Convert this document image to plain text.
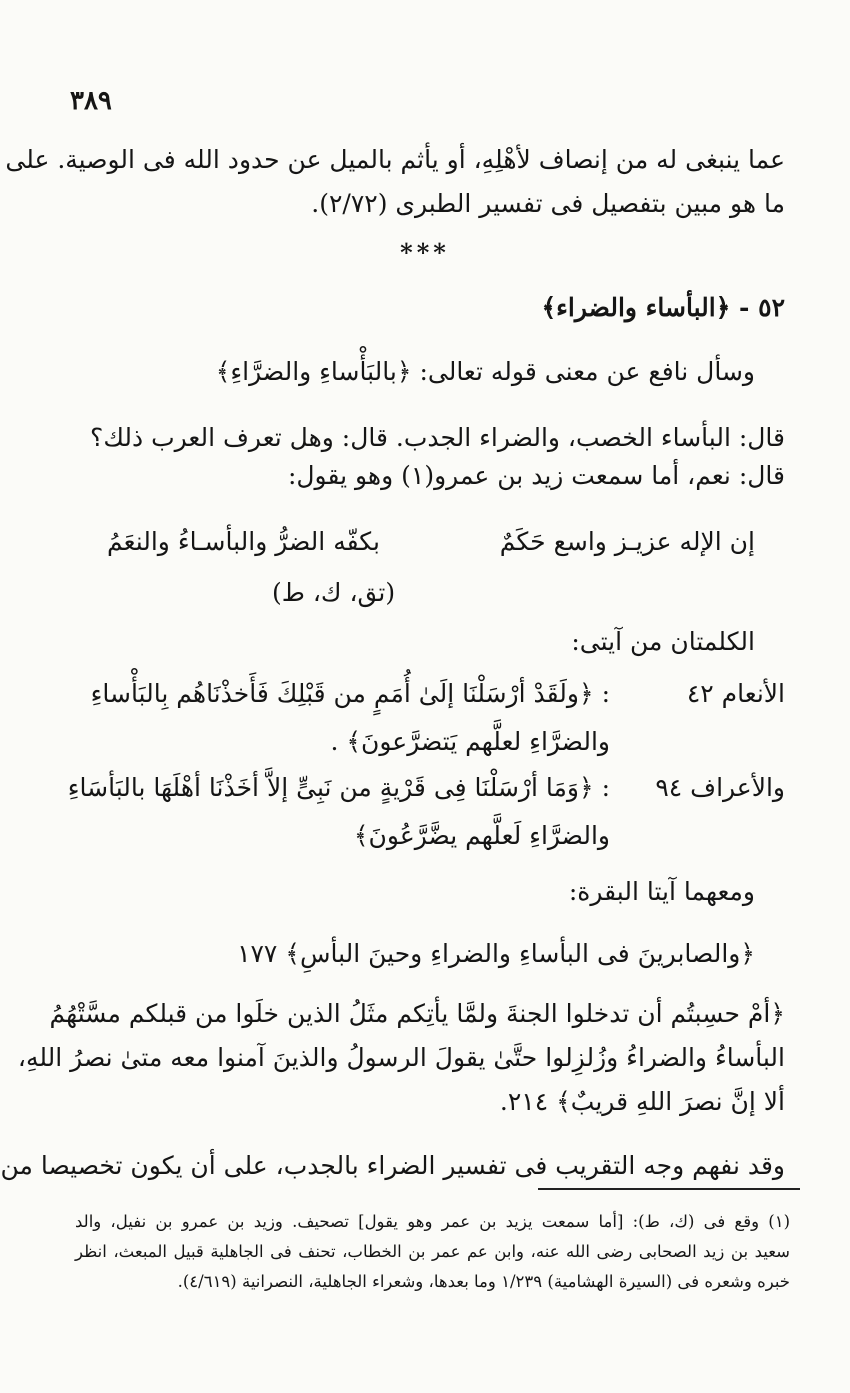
٣٨٩
عما ينبغى له من إنصاف لأهْلِهِ، أو يأثم بالميل عن حدود الله فى الوصية. على
ما هو مبين بتفصيل فى تفسير الطبرى (٢/٧٢).
***
٥٢ - ﴿البأساء والضراء﴾
وسأل نافع عن معنى قوله تعالى: ﴿بالبَأْساءِ والضرَّاءِ﴾
قال: البأساء الخصب، والضراء الجدب. قال: وهل تعرف العرب ذلك؟
قال: نعم، أما سمعت زيد بن عمرو(١) وهو يقول:
إن الإله عزيـز واسع حَكَمٌ
بكفّه الضرُّ والبأسـاءُ والنعَمُ
(تق، ك، ط)
الكلمتان من آيتى:
الأنعام ٤٢
: ﴿ولَقَدْ أرْسَلْنَا إلَىٰ أُمَمٍ من قَبْلِكَ فَأَخذْنَاهُم بِالبَأْساءِ
والضرَّاءِ لعلَّهم يَتضرَّعونَ﴾ .
والأعراف ٩٤
: ﴿وَمَا أرْسَلْنَا فِى قَرْيةٍ من نَبِىٍّ إلاَّ أخَذْنَا أهْلَهَا بالبَأسَاءِ
والضرَّاءِ لَعلَّهم يضَّرَّعُونَ﴾
ومعهما آيتا البقرة:
﴿والصابرينَ فى البأساءِ والضراءِ وحينَ البأسِ﴾ ١٧٧
﴿أمْ حسِبتُم أن تدخلوا الجنةَ ولمَّا يأتِكم مثَلُ الذين خلَوا من قبلكم مسَّتْهُمُ
البأساءُ والضراءُ وزُلزِلوا حتَّىٰ يقولَ الرسولُ والذينَ آمنوا معه متىٰ نصرُ اللهِ،
ألا إنَّ نصرَ اللهِ قريبٌ﴾ ٢١٤.
وقد نفهم وجه التقريب فى تفسير الضراء بالجدب، على أن يكون تخصيصا من
(١) وقع فى (ك، ط): [أما سمعت يزيد بن عمر وهو يقول] تصحيف. وزيد بن عمرو بن نفيل، والد
سعيد بن زيد الصحابى رضى الله عنه، وابن عم عمر بن الخطاب، تحنف فى الجاهلية قبيل المبعث، انظر
خبره وشعره فى (السيرة الهشامية) ١/٢٣٩ وما بعدها، وشعراء الجاهلية، النصرانية (٤/٦١٩).
